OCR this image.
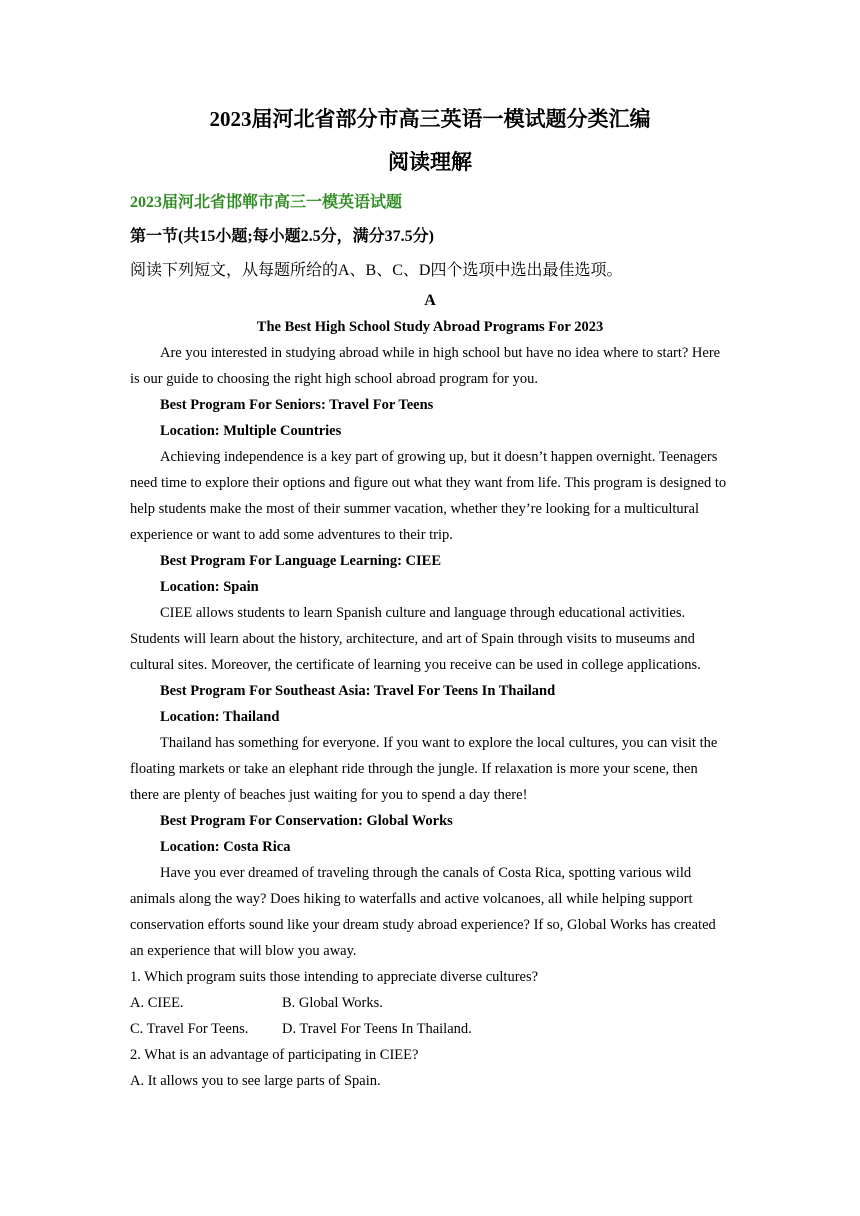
2023届河北省部分市高三英语一模试题分类汇编
阅读理解
2023届河北省邯郸市高三一模英语试题
第一节(共15小题;每小题2.5分，满分37.5分)
阅读下列短文，从每题所给的A、B、C、D四个选项中选出最佳选项。
A
The Best High School Study Abroad Programs For 2023

Are you interested in studying abroad while in high school but have no idea where to start? Here is our guide to choosing the right high school abroad program for you.

Best Program For Seniors: Travel For Teens

Location: Multiple Countries

Achieving independence is a key part of growing up, but it doesn’t happen overnight. Teenagers need time to explore their options and figure out what they want from life. This program is designed to help students make the most of their summer vacation, whether they’re looking for a multicultural experience or want to add some adventures to their trip.

Best Program For Language Learning: CIEE

Location: Spain

CIEE allows students to learn Spanish culture and language through educational activities. Students will learn about the history, architecture, and art of Spain through visits to museums and cultural sites. Moreover, the certificate of learning you receive can be used in college applications.

Best Program For Southeast Asia: Travel For Teens In Thailand

Location: Thailand

Thailand has something for everyone. If you want to explore the local cultures, you can visit the floating markets or take an elephant ride through the jungle. If relaxation is more your scene, then there are plenty of beaches just waiting for you to spend a day there!

Best Program For Conservation: Global Works

Location: Costa Rica

Have you ever dreamed of traveling through the canals of Costa Rica, spotting various wild animals along the way? Does hiking to waterfalls and active volcanoes, all while helping support conservation efforts sound like your dream study abroad experience? If so, Global Works has created an experience that will blow you away.

1. Which program suits those intending to appreciate diverse cultures?

A. CIEE.	B. Global Works.
C. Travel For Teens.	D. Travel For Teens In Thailand.

2. What is an advantage of participating in CIEE?

A. It allows you to see large parts of Spain.
